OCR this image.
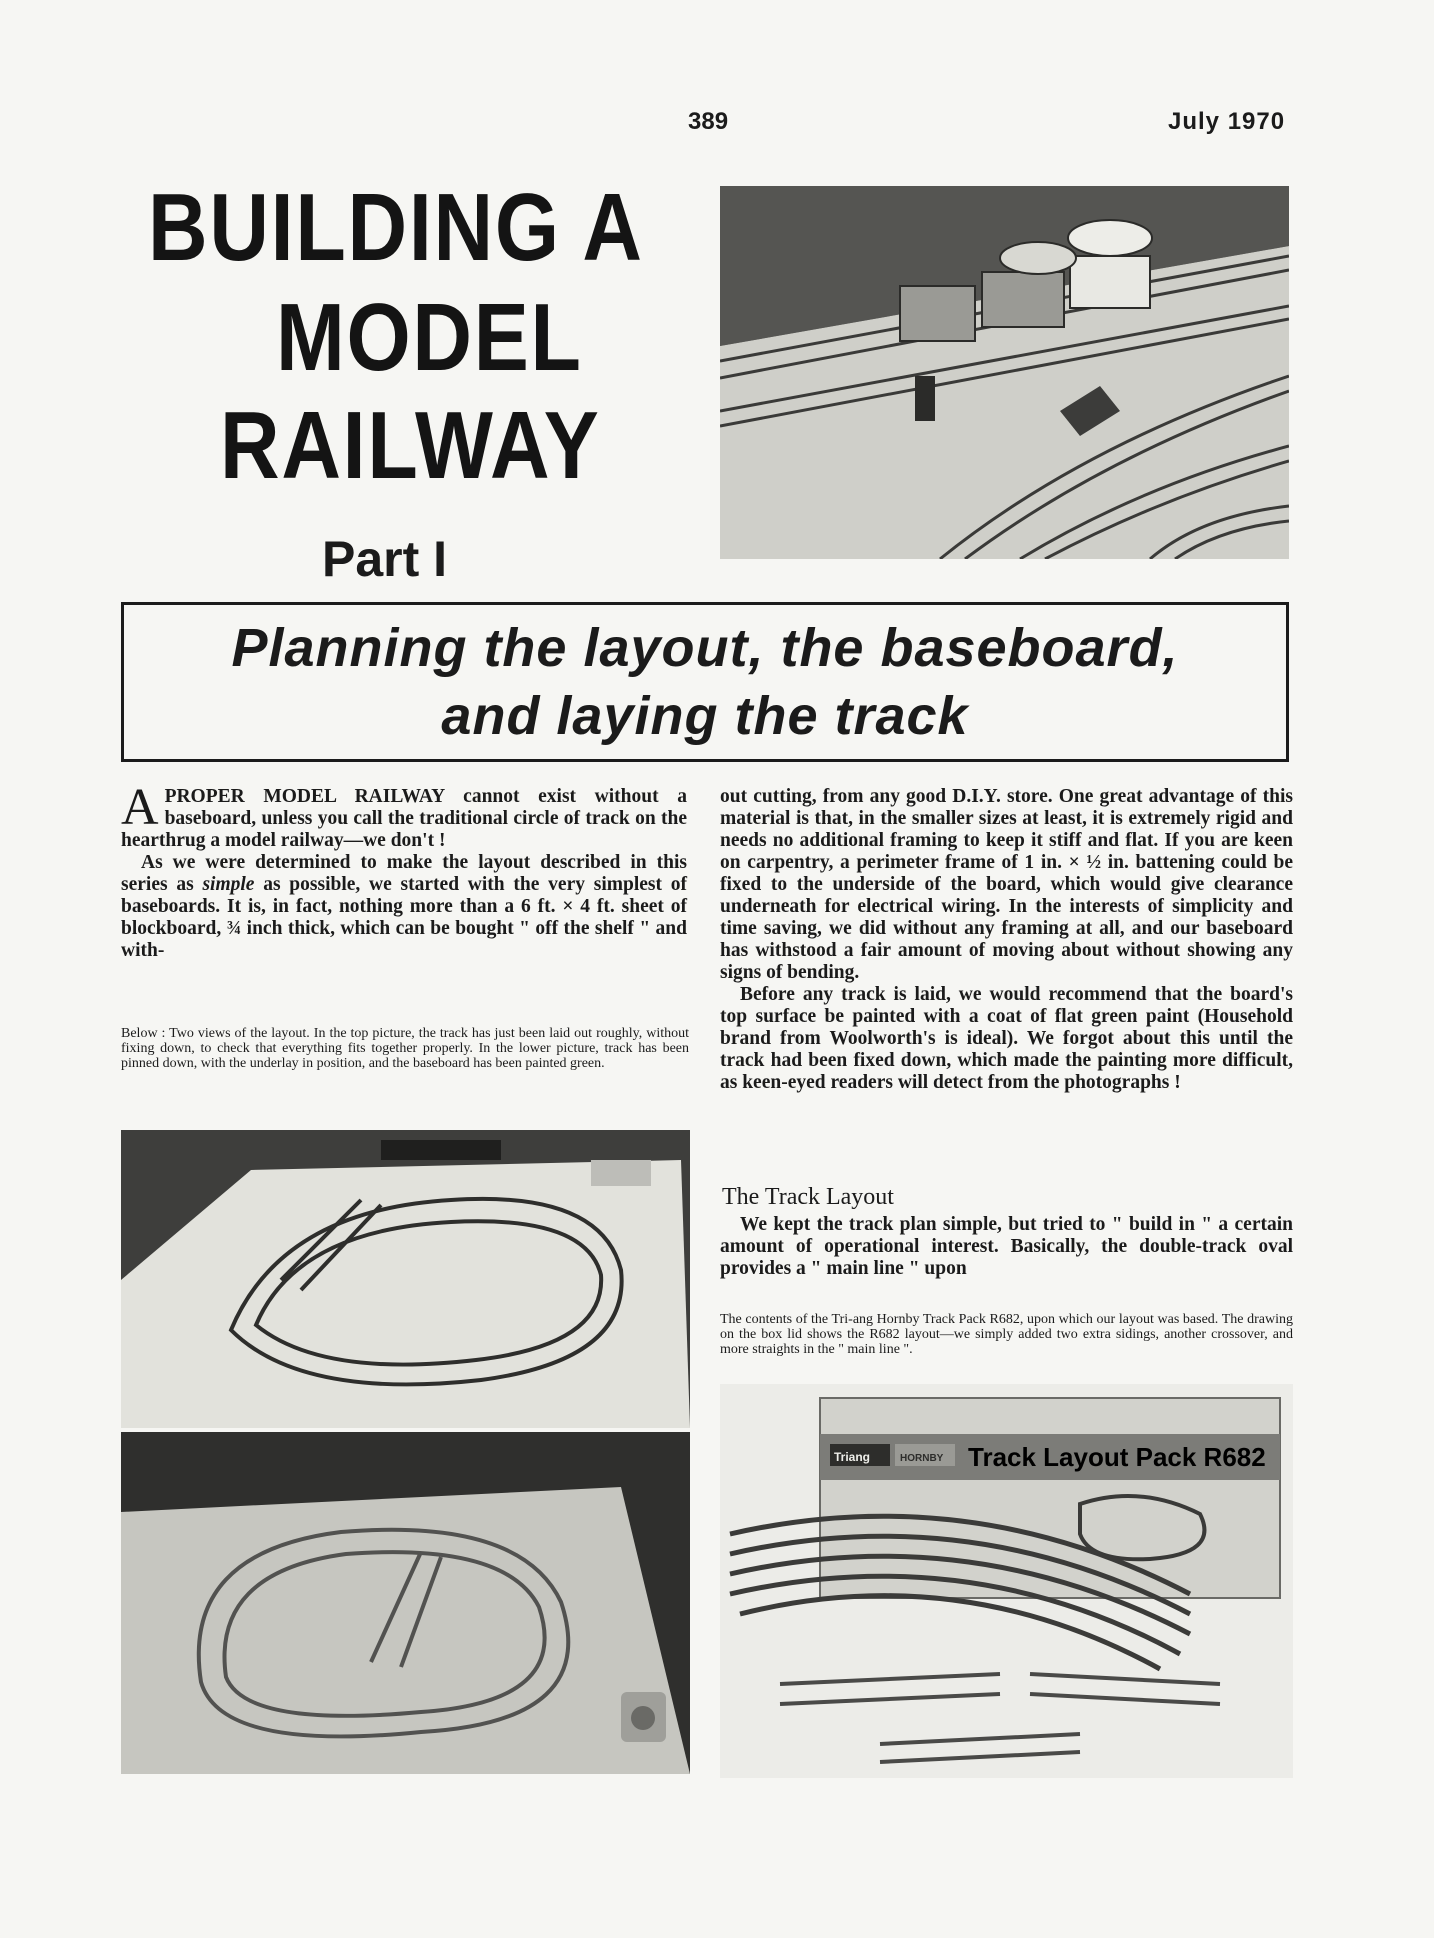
389	July 1970
BUILDING A
MODEL
RAILWAY
Part I
Planning the layout, the baseboard,
and laying the track

APROPER MODEL RAILWAY cannot exist without a baseboard, unless you call the traditional circle of track on the hearthrug a model railway—we don't !

As we were determined to make the layout described in this series as simple as possible, we started with the very simplest of baseboards. It is, in fact, nothing more than a 6 ft. × 4 ft. sheet of blockboard, ¾ inch thick, which can be bought " off the shelf " and with-

Below : Two views of the layout. In the top picture, the track has just been laid out roughly, without fixing down, to check that everything fits together properly. In the lower picture, track has been pinned down, with the underlay in position, and the baseboard has been painted green.

out cutting, from any good D.I.Y. store. One great advantage of this material is that, in the smaller sizes at least, it is extremely rigid and needs no additional framing to keep it stiff and flat. If you are keen on carpentry, a perimeter frame of 1 in. × ½ in. battening could be fixed to the underside of the board, which would give clearance underneath for electrical wiring. In the interests of simplicity and time saving, we did without any framing at all, and our baseboard has withstood a fair amount of moving about without showing any signs of bending.

Before any track is laid, we would recommend that the board's top surface be painted with a coat of flat green paint (Household brand from Woolworth's is ideal). We forgot about this until the track had been fixed down, which made the painting more difficult, as keen-eyed readers will detect from the photographs !

The Track Layout

We kept the track plan simple, but tried to " build in " a certain amount of operational interest. Basically, the double-track oval provides a " main line " upon

The contents of the Tri-ang Hornby Track Pack R682, upon which our layout was based. The drawing on the box lid shows the R682 layout—we simply added two extra sidings, another crossover, and more straights in the " main line ".
Track Layout Pack R682
Triang	HORNBY
